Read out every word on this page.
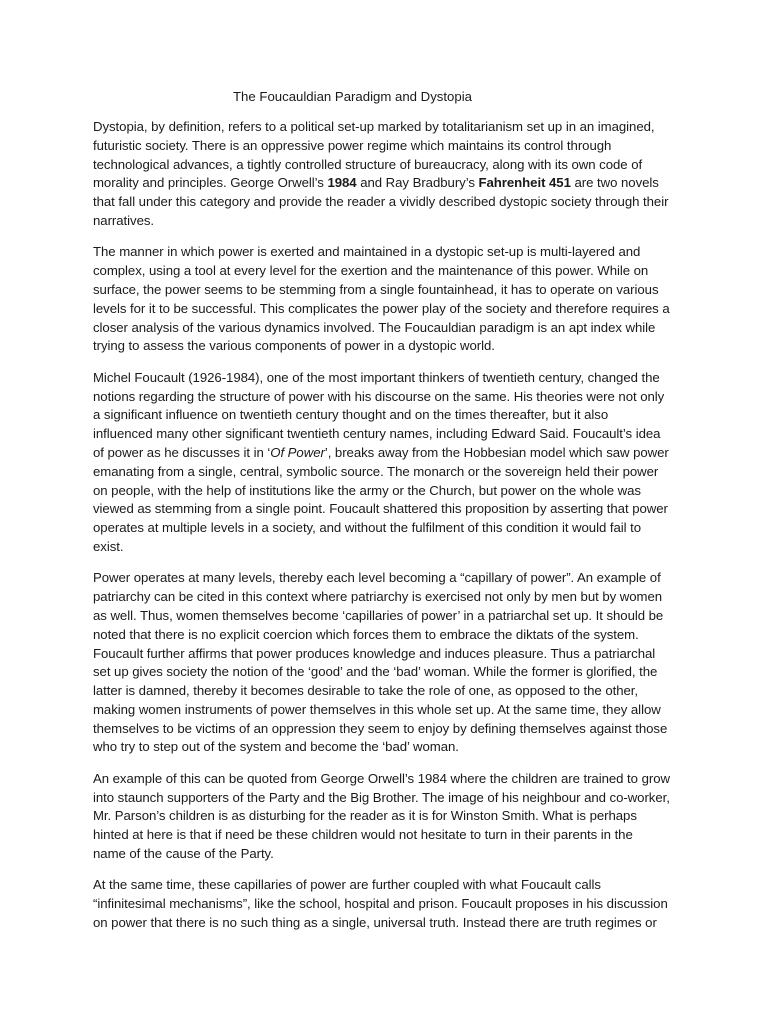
The Foucauldian Paradigm and Dystopia

Dystopia, by definition, refers to a political set-up marked by totalitarianism set up in an imagined,
futuristic society. There is an oppressive power regime which maintains its control through
technological advances, a tightly controlled structure of bureaucracy, along with its own code of
morality and principles. George Orwell’s 1984 and Ray Bradbury’s Fahrenheit 451 are two novels
that fall under this category and provide the reader a vividly described dystopic society through their
narratives.

The manner in which power is exerted and maintained in a dystopic set-up is multi-layered and
complex, using a tool at every level for the exertion and the maintenance of this power. While on
surface, the power seems to be stemming from a single fountainhead, it has to operate on various
levels for it to be successful. This complicates the power play of the society and therefore requires a
closer analysis of the various dynamics involved. The Foucauldian paradigm is an apt index while
trying to assess the various components of power in a dystopic world.

Michel Foucault (1926-1984), one of the most important thinkers of twentieth century, changed the
notions regarding the structure of power with his discourse on the same. His theories were not only
a significant influence on twentieth century thought and on the times thereafter, but it also
influenced many other significant twentieth century names, including Edward Said. Foucault’s idea
of power as he discusses it in ‘Of Power’, breaks away from the Hobbesian model which saw power
emanating from a single, central, symbolic source. The monarch or the sovereign held their power
on people, with the help of institutions like the army or the Church, but power on the whole was
viewed as stemming from a single point. Foucault shattered this proposition by asserting that power
operates at multiple levels in a society, and without the fulfilment of this condition it would fail to
exist.

Power operates at many levels, thereby each level becoming a “capillary of power”. An example of
patriarchy can be cited in this context where patriarchy is exercised not only by men but by women
as well. Thus, women themselves become ‘capillaries of power’ in a patriarchal set up. It should be
noted that there is no explicit coercion which forces them to embrace the diktats of the system.
Foucault further affirms that power produces knowledge and induces pleasure. Thus a patriarchal
set up gives society the notion of the ‘good’ and the ‘bad’ woman. While the former is glorified, the
latter is damned, thereby it becomes desirable to take the role of one, as opposed to the other,
making women instruments of power themselves in this whole set up. At the same time, they allow
themselves to be victims of an oppression they seem to enjoy by defining themselves against those
who try to step out of the system and become the ‘bad’ woman.

An example of this can be quoted from George Orwell’s 1984 where the children are trained to grow
into staunch supporters of the Party and the Big Brother. The image of his neighbour and co-worker,
Mr. Parson’s children is as disturbing for the reader as it is for Winston Smith. What is perhaps
hinted at here is that if need be these children would not hesitate to turn in their parents in the
name of the cause of the Party.

At the same time, these capillaries of power are further coupled with what Foucault calls
“infinitesimal mechanisms”, like the school, hospital and prison. Foucault proposes in his discussion
on power that there is no such thing as a single, universal truth. Instead there are truth regimes or
